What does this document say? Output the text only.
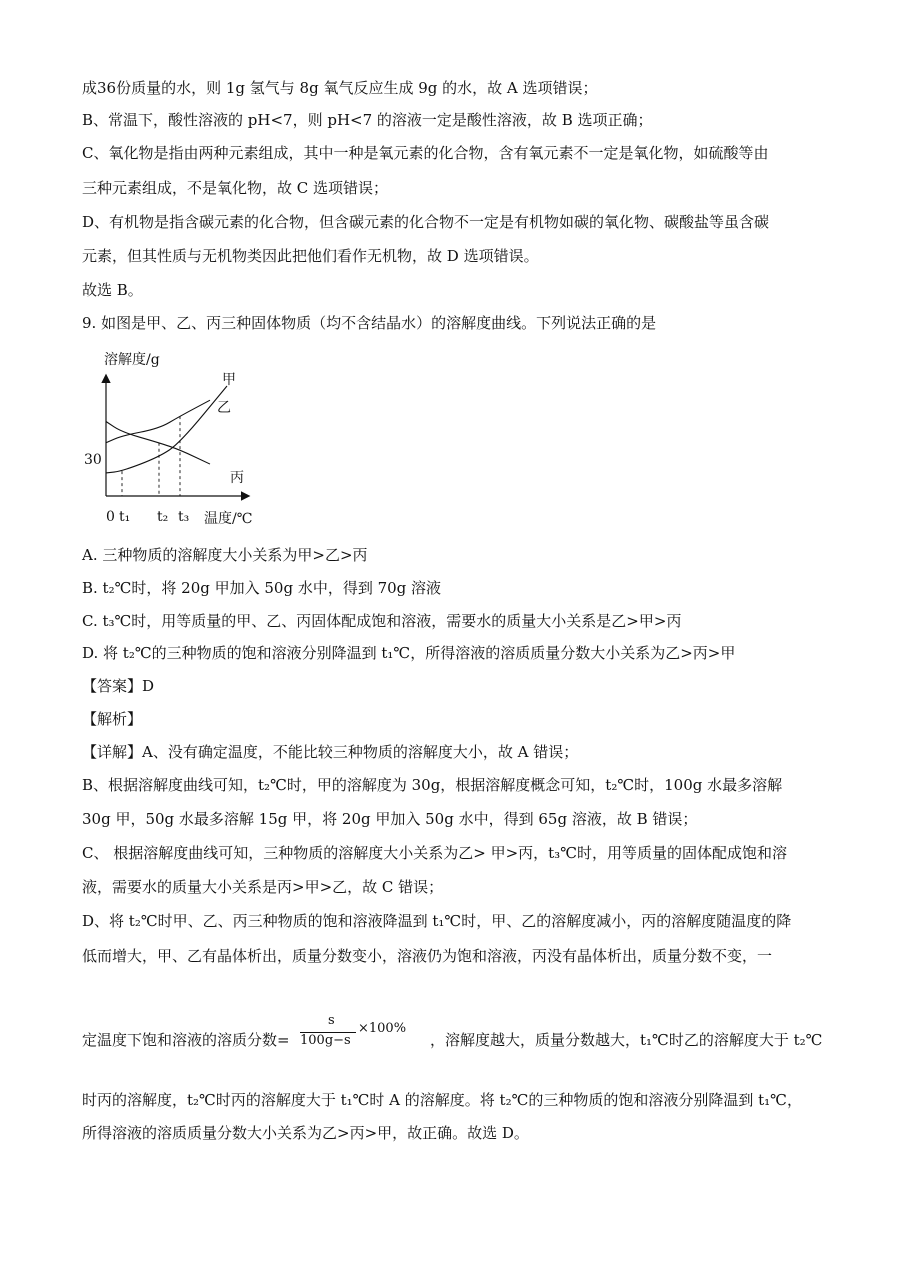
成36份质量的水，则 1g 氢气与 8g 氧气反应生成 9g 的水，故 A 选项错误；
B、常温下，酸性溶液的 pH<7，则 pH<7 的溶液一定是酸性溶液，故 B 选项正确；
C、氧化物是指由两种元素组成，其中一种是氧元素的化合物，含有氧元素不一定是氧化物，如硫酸等由
三种元素组成，不是氧化物，故 C 选项错误；
D、有机物是指含碳元素的化合物，但含碳元素的化合物不一定是有机物如碳的氧化物、碳酸盐等虽含碳
元素，但其性质与无机物类因此把他们看作无机物，故 D 选项错误。
故选 B。
9. 如图是甲、乙、丙三种固体物质（均不含结晶水）的溶解度曲线。下列说法正确的是
溶解度/g
30
0 t₁ t₂ t₃ 温度/℃
甲
乙
丙
A. 三种物质的溶解度大小关系为甲>乙>丙
B. t₂℃时，将 20g 甲加入 50g 水中，得到 70g 溶液
C. t₃℃时，用等质量的甲、乙、丙固体配成饱和溶液，需要水的质量大小关系是乙>甲>丙
D. 将 t₂℃的三种物质的饱和溶液分别降温到 t₁℃，所得溶液的溶质质量分数大小关系为乙>丙>甲
【答案】D
【解析】
【详解】A、没有确定温度，不能比较三种物质的溶解度大小，故 A 错误；
B、根据溶解度曲线可知，t₂℃时，甲的溶解度为 30g，根据溶解度概念可知，t₂℃时，100g 水最多溶解
30g 甲，50g 水最多溶解 15g 甲，将 20g 甲加入 50g 水中，得到 65g 溶液，故 B 错误；
C、 根据溶解度曲线可知，三种物质的溶解度大小关系为乙> 甲>丙，t₃℃时，用等质量的固体配成饱和溶
液，需要水的质量大小关系是丙>甲>乙，故 C 错误；
D、将 t₂℃时甲、乙、丙三种物质的饱和溶液降温到 t₁℃时，甲、乙的溶解度减小，丙的溶解度随温度的降
低而增大，甲、乙有晶体析出，质量分数变小，溶液仍为饱和溶液，丙没有晶体析出，质量分数不变，一
定温度下饱和溶液的溶质分数=
s
100g−s
×100%
，溶解度越大，质量分数越大，t₁℃时乙的溶解度大于 t₂℃
时丙的溶解度，t₂℃时丙的溶解度大于 t₁℃时 A 的溶解度。将 t₂℃的三种物质的饱和溶液分别降温到 t₁℃，
所得溶液的溶质质量分数大小关系为乙>丙>甲，故正确。故选 D。
